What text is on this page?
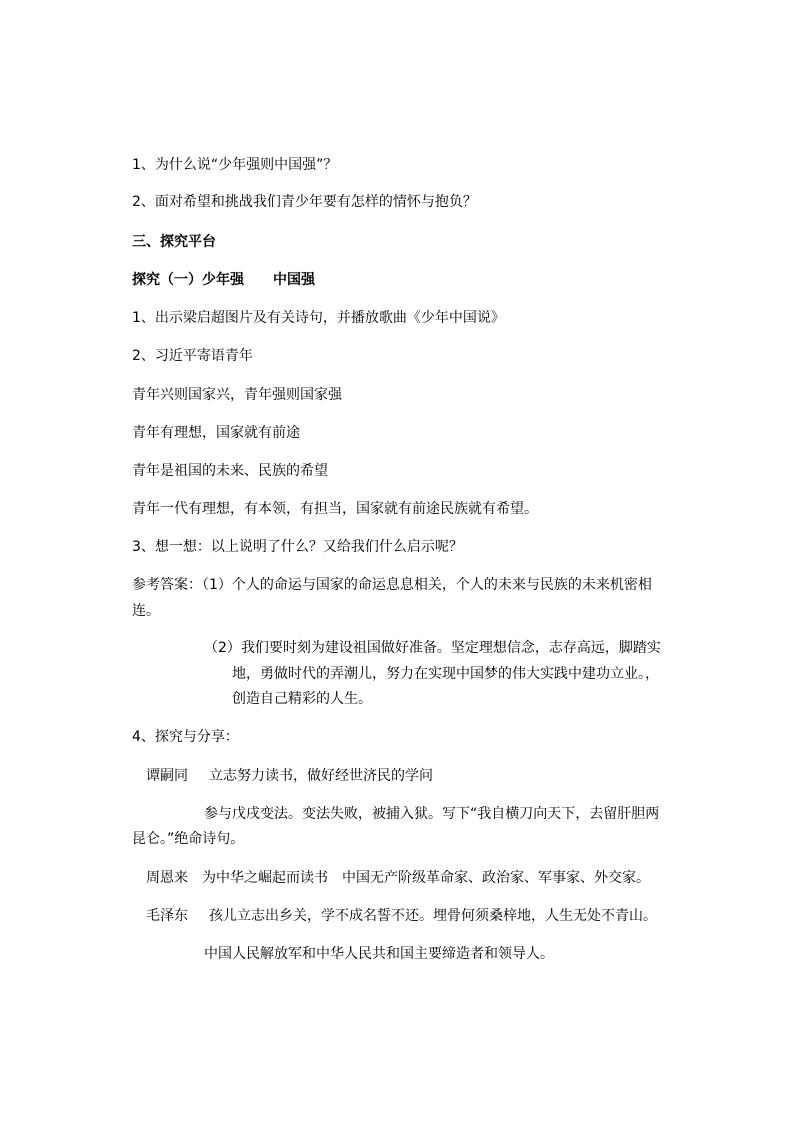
1、为什么说“少年强则中国强”？
2、面对希望和挑战我们青少年要有怎样的情怀与抱负？
三、探究平台
探究（一）少年强 中国强
1、出示梁启超图片及有关诗句，并播放歌曲《少年中国说》
2、习近平寄语青年
青年兴则国家兴，青年强则国家强
青年有理想，国家就有前途
青年是祖国的未来、民族的希望
青年一代有理想，有本领，有担当，国家就有前途民族就有希望。
3、想一想：以上说明了什么？又给我们什么启示呢？
参考答案：（1）个人的命运与国家的命运息息相关，个人的未来与民族的未来机密相
连。
（2）我们要时刻为建设祖国做好准备。坚定理想信念，志存高远，脚踏实
地，勇做时代的弄潮儿，努力在实现中国梦的伟大实践中建功立业。，
创造自己精彩的人生。
4、探究与分享：
谭嗣同 立志努力读书，做好经世济民的学问
参与戊戌变法。变法失败，被捕入狱。写下“我自横刀向天下，去留肝胆两
昆仑。”绝命诗句。
周恩来 为中华之崛起而读书 中国无产阶级革命家、政治家、军事家、外交家。
毛泽东 孩儿立志出乡关，学不成名誓不还。埋骨何须桑梓地，人生无处不青山。
中国人民解放军和中华人民共和国主要缔造者和领导人。
